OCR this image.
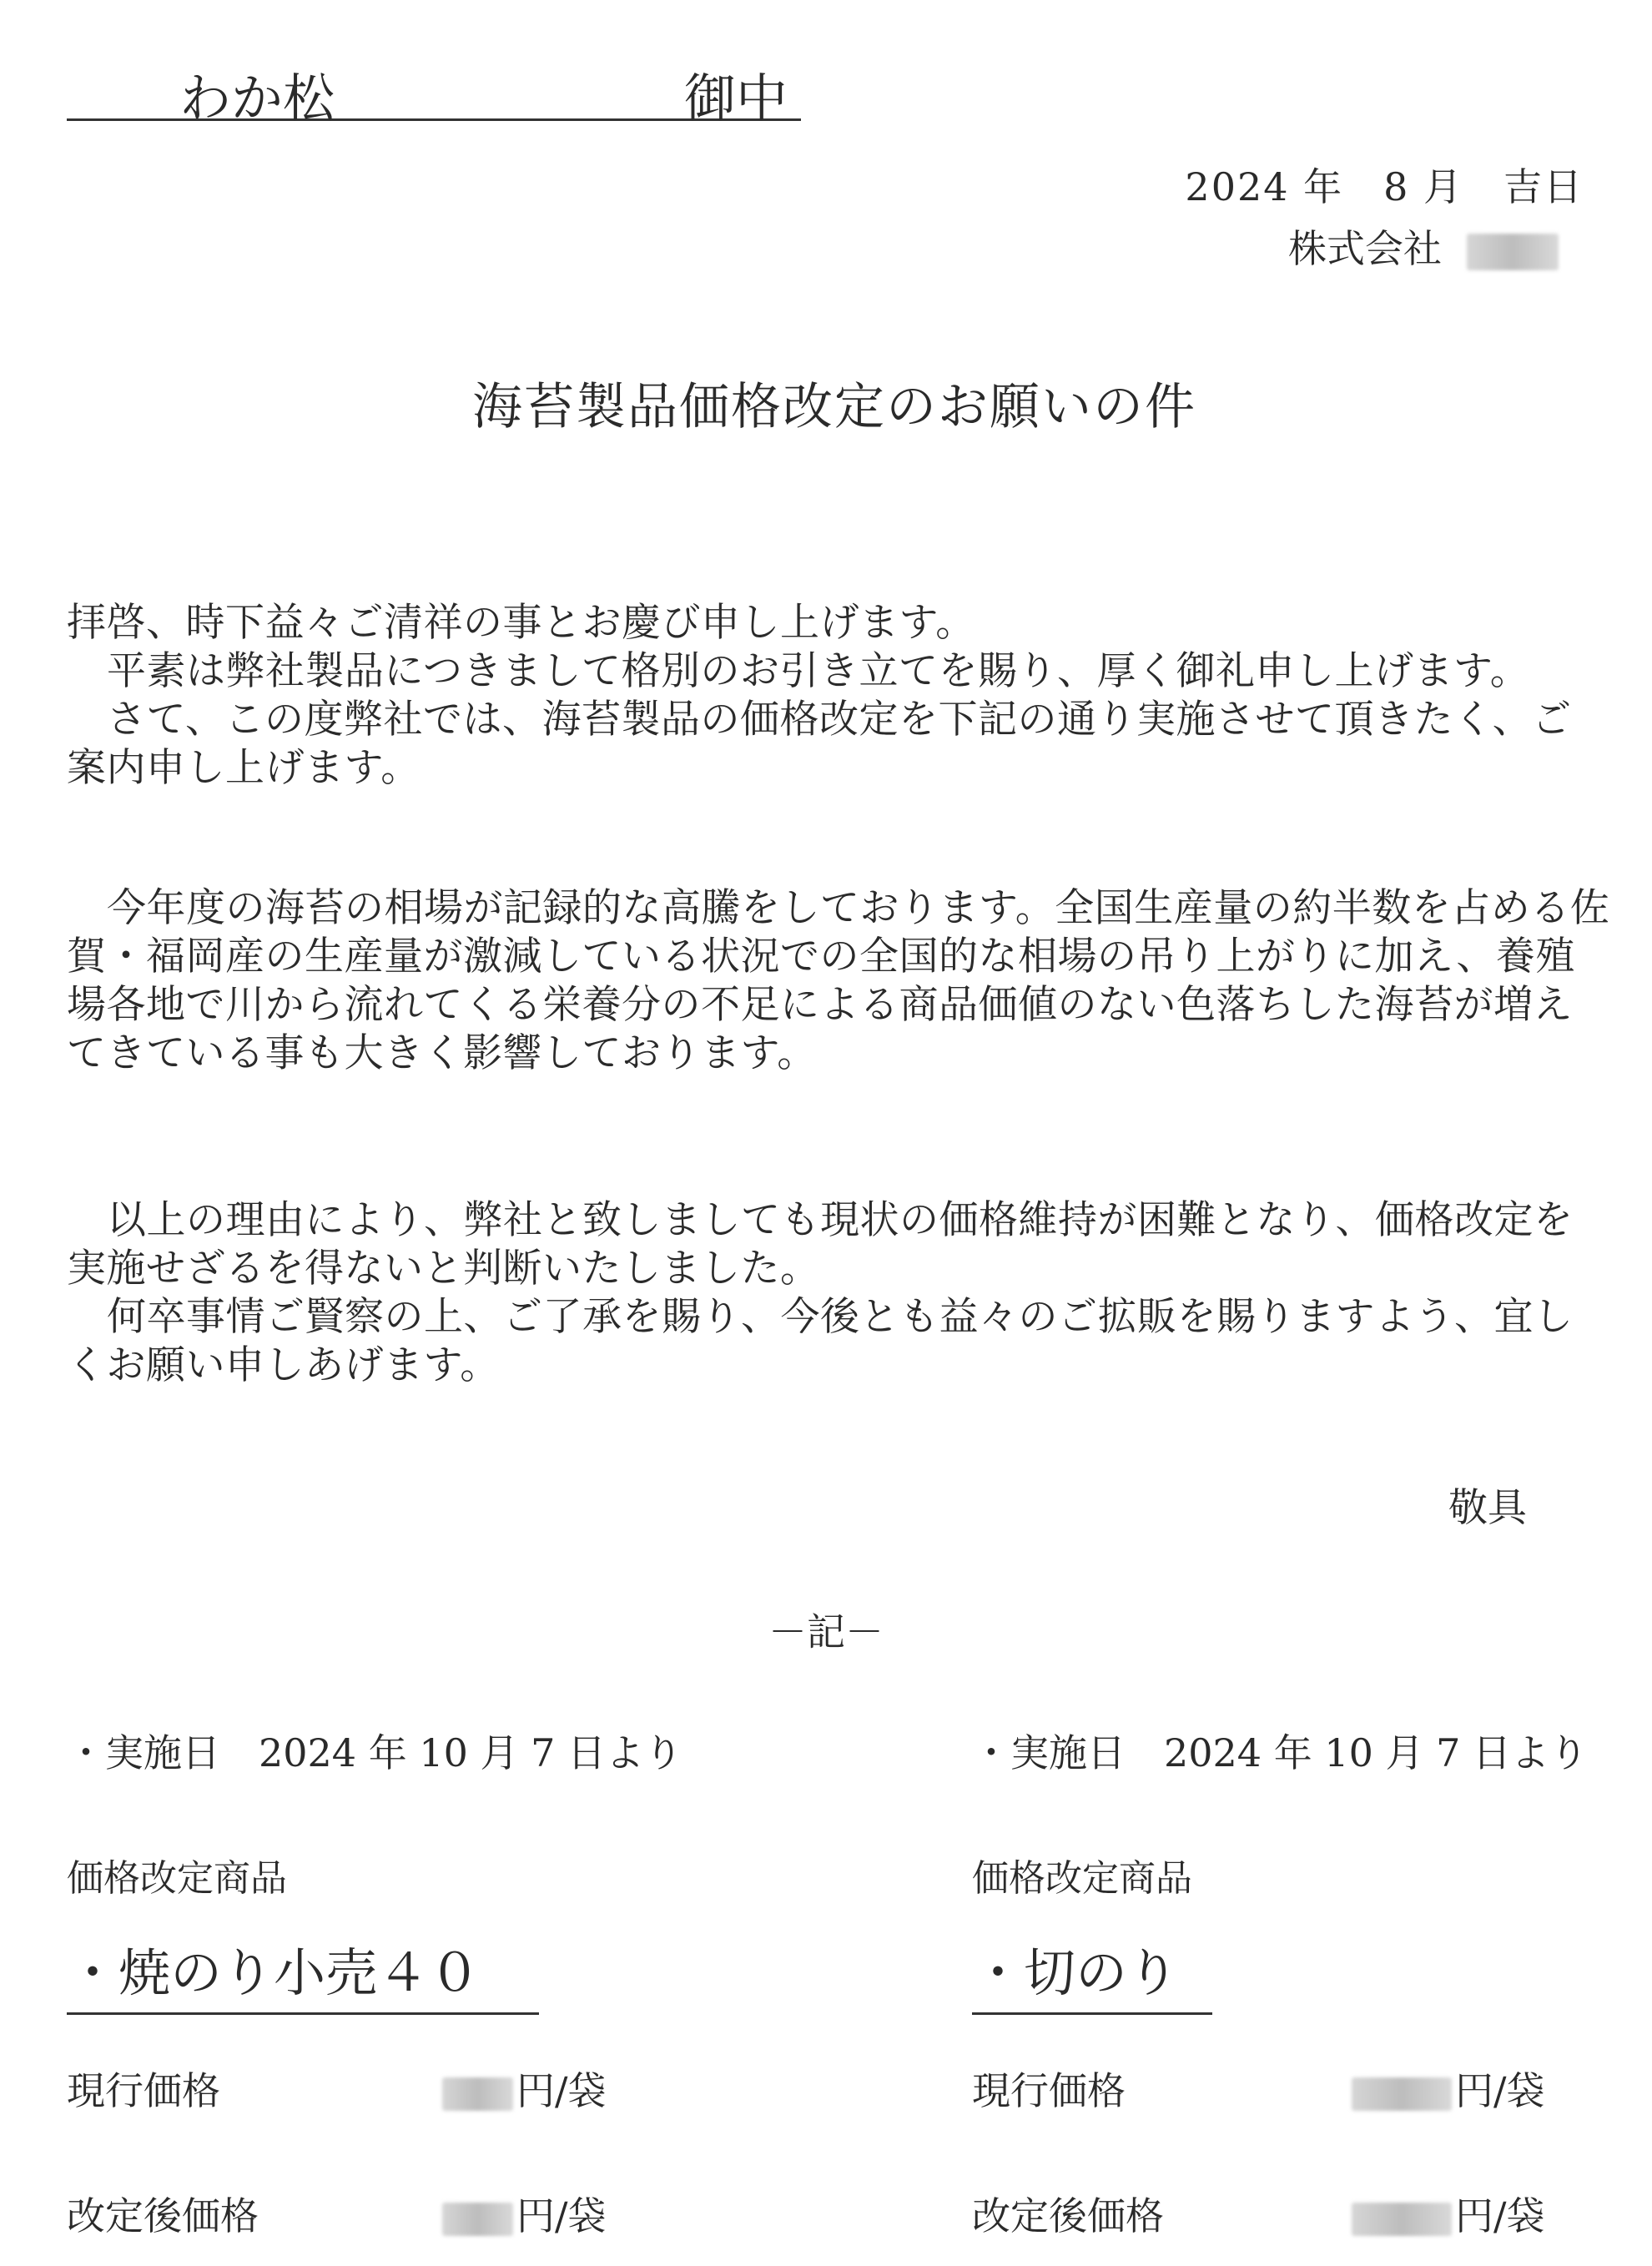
わか松	御中
2024 年　8 月　吉日
株式会社
海苔製品価格改定のお願いの件
拝啓、時下益々ご清祥の事とお慶び申し上げます。
平素は弊社製品につきまして格別のお引き立てを賜り、厚く御礼申し上げます。
さて、この度弊社では、海苔製品の価格改定を下記の通り実施させて頂きたく、ご案内申し上げます。
今年度の海苔の相場が記録的な高騰をしております。全国生産量の約半数を占める佐賀・福岡産の生産量が激減している状況での全国的な相場の吊り上がりに加え、養殖場各地で川から流れてくる栄養分の不足による商品価値のない色落ちした海苔が増えてきている事も大きく影響しております。
以上の理由により、弊社と致しましても現状の価格維持が困難となり、価格改定を実施せざるを得ないと判断いたしました。
何卒事情ご賢察の上、ご了承を賜り、今後とも益々のご拡販を賜りますよう、宜しくお願い申しあげます。
敬具
－記－
・実施日　2024 年 10 月 7 日より
価格改定商品
・焼のり小売４０
現行価格	円/袋
改定後価格	円/袋
・実施日　2024 年 10 月 7 日より
価格改定商品
・切のり
現行価格	円/袋
改定後価格	円/袋
